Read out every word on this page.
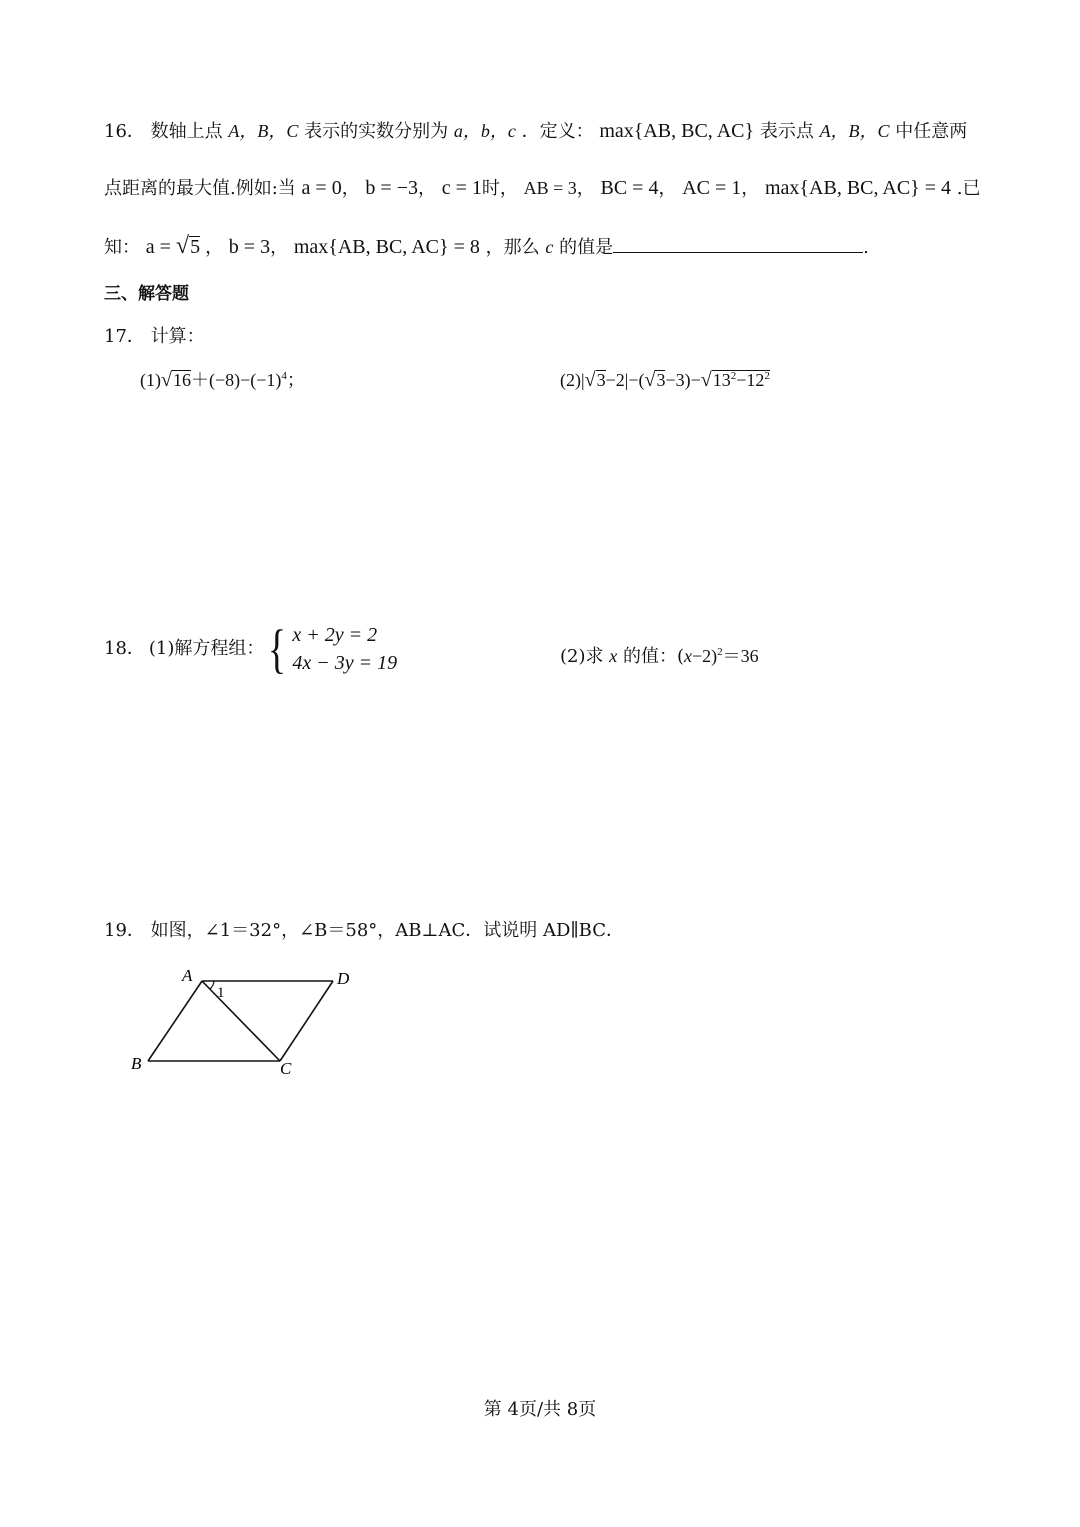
16． 数轴上点 A，B，C 表示的实数分别为 a，b，c ．定义： max{AB, BC, AC} 表示点 A，B，C 中任意两
点距离的最大值.例如:当 a = 0， b = −3， c = 1时， AB = 3， BC = 4， AC = 1， max{AB, BC, AC} = 4 .已
知： a = √5 ， b = 3， max{AB, BC, AC} = 8 ，那么 c 的值是	.
三、解答题
17． 计算：
$(1)√16+(-8)-(-1)^4$；	$(2)|√3-2|-(√3-3)-√13^2-12^2$
18． (1)解方程组： { x + 2y = 2
4x − 3y = 19	(2)求 x 的值：$(x-2)^2=36$
19． 如图，∠1＝32°，∠B＝58°，AB⊥AC．试说明 AD∥BC．
A	D
B	C
1
第 4页/共 8页
